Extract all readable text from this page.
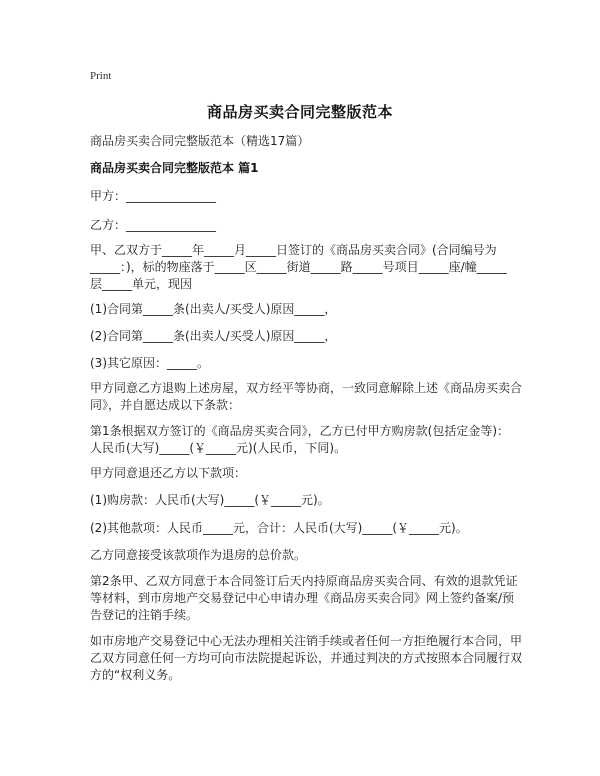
Print
商品房买卖合同完整版范本
商品房买卖合同完整版范本（精选17篇）
商品房买卖合同完整版范本 篇1
甲方：_______________
乙方：_______________
甲、乙双方于_____年_____月_____日签订的《商品房买卖合同》(合同编号为
_____：)，标的物座落于_____区_____街道_____路_____号项目_____座/幢_____
层_____单元，现因
(1)合同第_____条(出卖人/买受人)原因_____，
(2)合同第_____条(出卖人/买受人)原因_____，
(3)其它原因：_____。
甲方同意乙方退购上述房屋，双方经平等协商，一致同意解除上述《商品房买卖合
同》，并自愿达成以下条款：
第1条根据双方签订的《商品房买卖合同》，乙方已付甲方购房款(包括定金等)：
人民币(大写)_____(￥_____元)(人民币，下同)。
甲方同意退还乙方以下款项：
(1)购房款：人民币(大写)_____(￥_____元)。
(2)其他款项：人民币_____元，合计：人民币(大写)_____(￥_____元)。
乙方同意接受该款项作为退房的总价款。
第2条甲、乙双方同意于本合同签订后天内持原商品房买卖合同、有效的退款凭证
等材料，到市房地产交易登记中心申请办理《商品房买卖合同》网上签约备案/预
告登记的注销手续。
如市房地产交易登记中心无法办理相关注销手续或者任何一方拒绝履行本合同，甲
乙双方同意任何一方均可向市法院提起诉讼，并通过判决的方式按照本合同履行双
方的“权利义务。
